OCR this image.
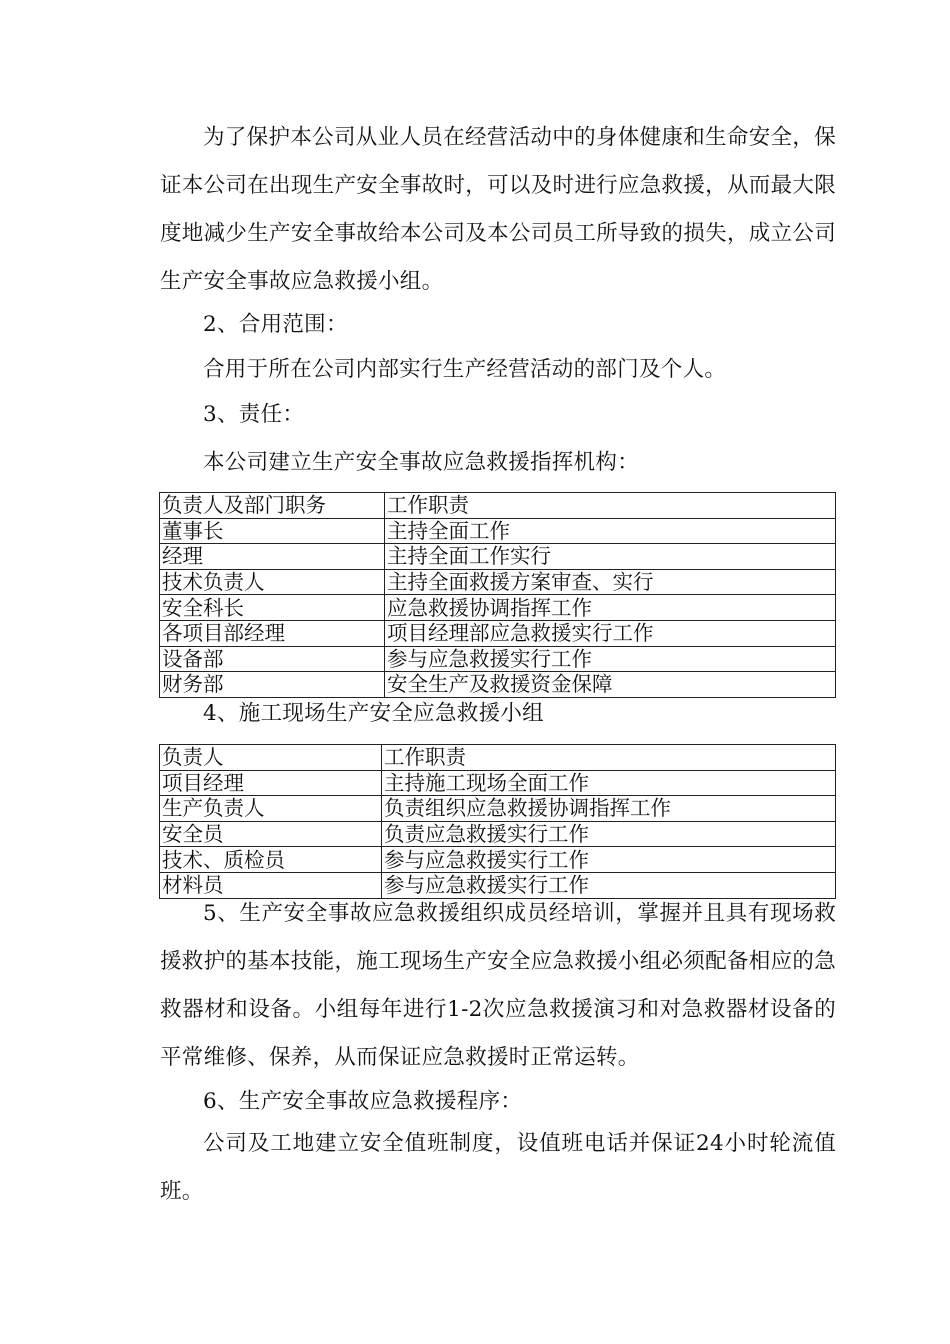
为了保护本公司从业人员在经营活动中的身体健康和生命安全，保证本公司在出现生产安全事故时，可以及时进行应急救援，从而最大限度地减少生产安全事故给本公司及本公司员工所导致的损失，成立公司生产安全事故应急救援小组。

2、合用范围：

合用于所在公司内部实行生产经营活动的部门及个人。

3、责任：

本公司建立生产安全事故应急救援指挥机构：

负责人及部门职务	工作职责
董事长	主持全面工作
经理	主持全面工作实行
技术负责人	主持全面救援方案审查、实行
安全科长	应急救援协调指挥工作
各项目部经理	项目经理部应急救援实行工作
设备部	参与应急救援实行工作
财务部	安全生产及救援资金保障

4、施工现场生产安全应急救援小组

负责人	工作职责
项目经理	主持施工现场全面工作
生产负责人	负责组织应急救援协调指挥工作
安全员	负责应急救援实行工作
技术、质检员	参与应急救援实行工作
材料员	参与应急救援实行工作

5、生产安全事故应急救援组织成员经培训，掌握并且具有现场救援救护的基本技能，施工现场生产安全应急救援小组必须配备相应的急救器材和设备。小组每年进行1-2次应急救援演习和对急救器材设备的平常维修、保养，从而保证应急救援时正常运转。

6、生产安全事故应急救援程序：

公司及工地建立安全值班制度，设值班电话并保证24小时轮流值班。
